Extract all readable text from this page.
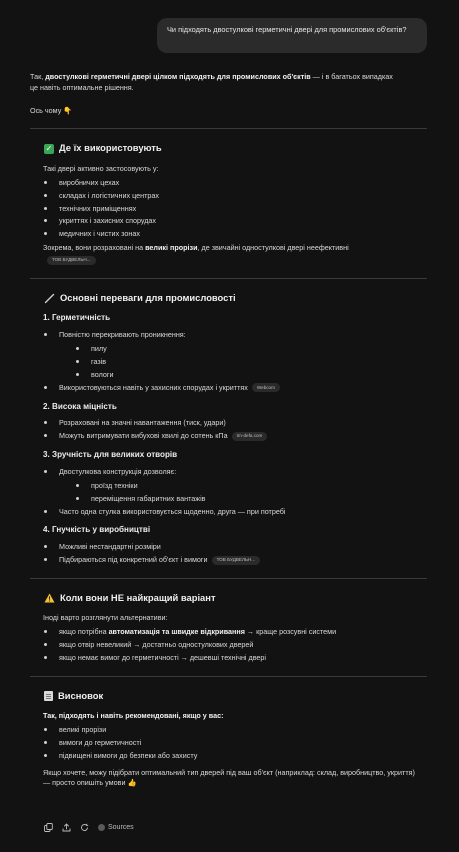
Чи підходять двостулкові герметичні двері для промислових об'єктів?

Так, двостулкові герметичні двері цілком підходять для промислових об'єктів — і в багатьох випадках це навіть оптимальне рішення.

Ось чому 👇

✓ Де їх використовують

Такі двері активно застосовують у:

виробничих цехах
складах і логістичних центрах
технічних приміщеннях
укриттях і захисних спорудах
медичних і чистих зонах

Зокрема, вони розраховані на великі прорізи, де звичайні одностулкові двері неефективні

ТОВ БУДВЕЛЬН...
Основні переваги для промисловості
1. Герметичність
Повністю перекривають проникнення:
пилу
газів
вологи
Використовуються навіть у захисних спорудах і укриттях Webcom
2. Висока міцність
Розраховані на значні навантаження (тиск, удари)
Можуть витримувати вибухові хвилі до сотень кПа trn-defa.com
3. Зручність для великих отворів
Двостулкова конструкція дозволяє:
проїзд техніки
переміщення габаритних вантажів
Часто одна стулка використовується щоденно, друга — при потребі
4. Гнучкість у виробництві
Можливі нестандартні розміри
Підбираються під конкретний об'єкт і вимоги ТОВ БУДВЕЛЬН...
Коли вони НЕ найкращий варіант

Іноді варто розглянути альтернативи:

якщо потрібна автоматизація та швидке відкривання → краще розсувні системи
якщо отвір невеликий → достатньо одностулкових дверей
якщо немає вимог до герметичності → дешевші технічні двері
Висновок

Так, підходять і навіть рекомендовані, якщо у вас:

великі прорізи
вимоги до герметичності
підвищені вимоги до безпеки або захисту

Якщо хочете, можу підібрати оптимальний тип дверей під ваш об'єкт (наприклад: склад, виробництво, укриття) — просто опишіть умови 👍

Sources
